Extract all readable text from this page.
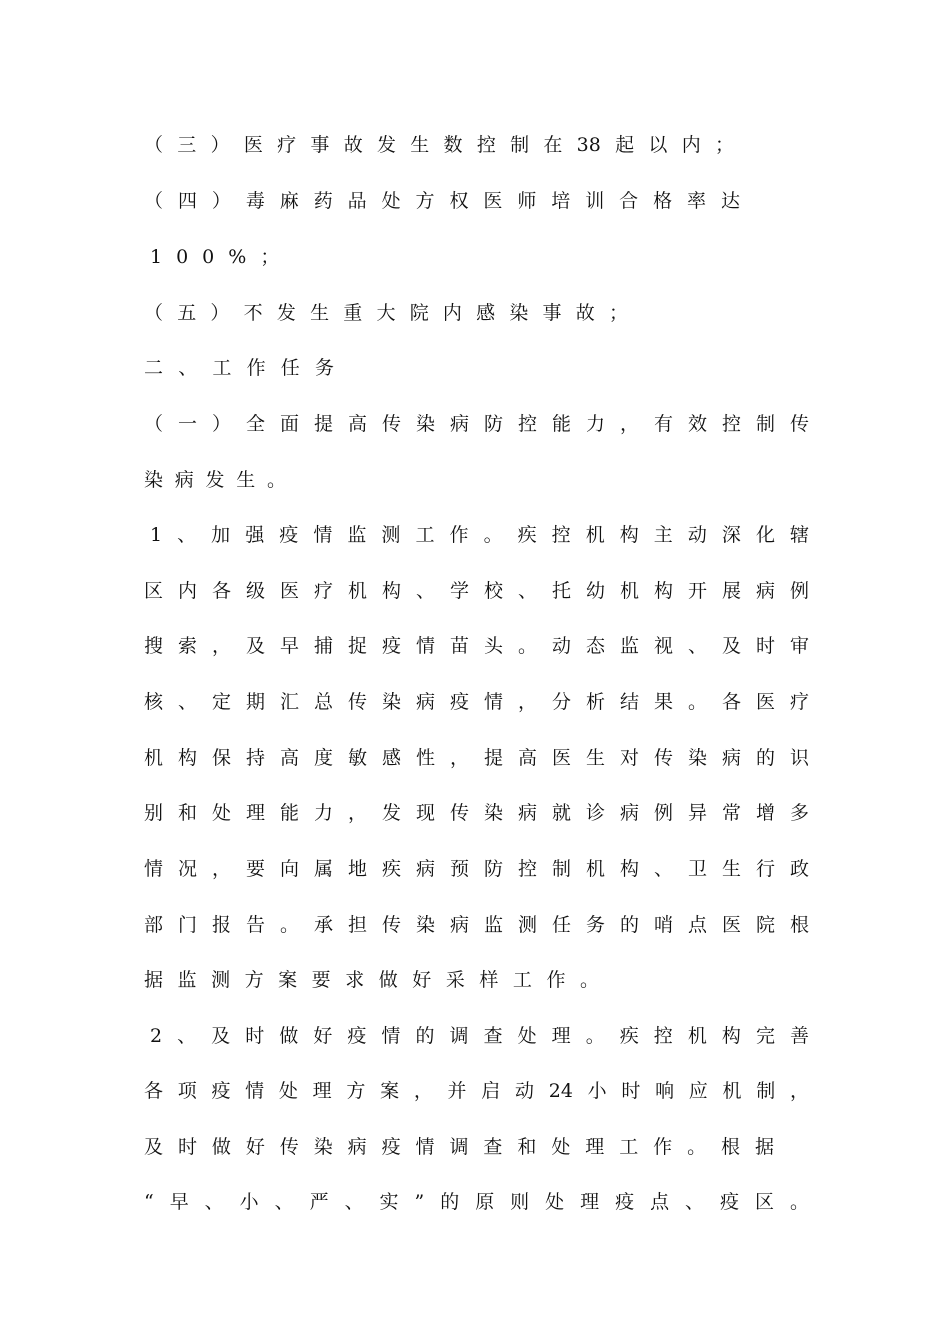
（三）医疗事故发生数控制在38起以内；
（四）毒麻药品处方权医师培训合格率达
100%；
（五）不发生重大院内感染事故；
二、工作任务
（一）全面提高传染病防控能力，有效控制传
染病发生。
1、加强疫情监测工作。疾控机构主动深化辖
区内各级医疗机构、学校、托幼机构开展病例
搜索，及早捕捉疫情苗头。动态监视、及时审
核、定期汇总传染病疫情，分析结果。各医疗
机构保持高度敏感性，提高医生对传染病的识
别和处理能力，发现传染病就诊病例异常增多
情况，要向属地疾病预防控制机构、卫生行政
部门报告。承担传染病监测任务的哨点医院根
据监测方案要求做好采样工作。
2、及时做好疫情的调查处理。疾控机构完善
各项疫情处理方案，并启动24小时响应机制，
及时做好传染病疫情调查和处理工作。根据
“早、小、严、实”的原则处理疫点、疫区。
